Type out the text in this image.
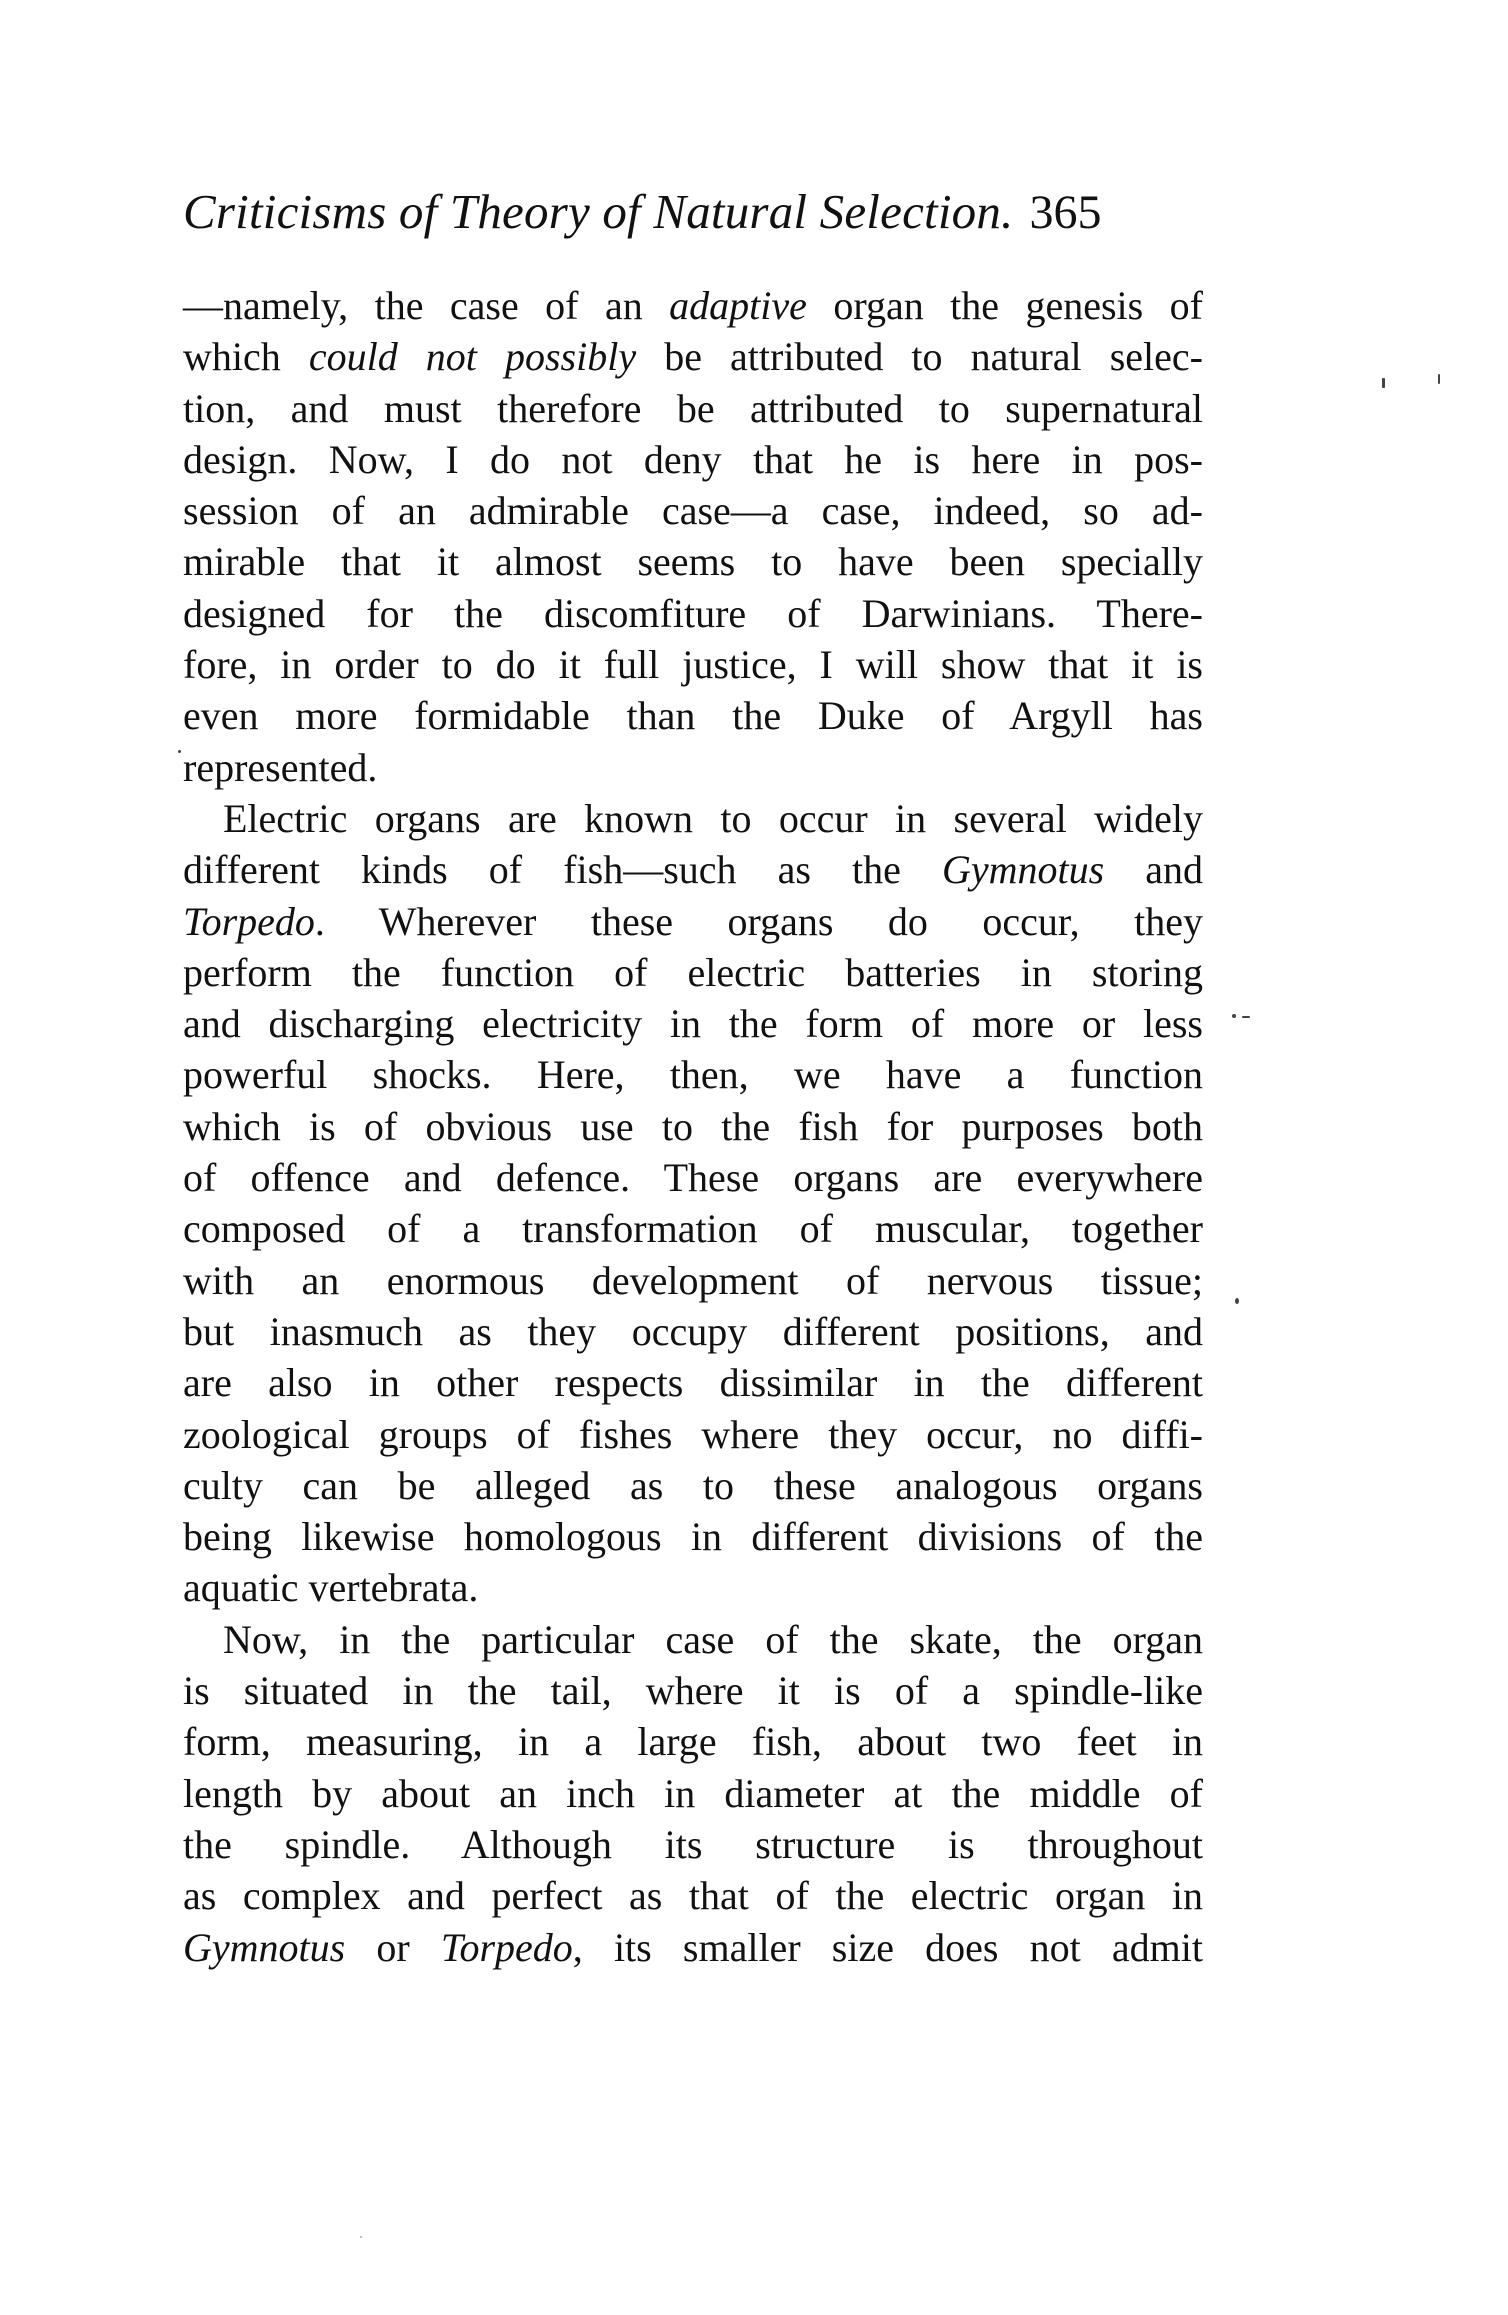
Criticisms of Theory of Natural Selection. 365
—namely, the case of an adaptive organ the genesis of
which could not possibly be attributed to natural selec-
tion, and must therefore be attributed to supernatural
design. Now, I do not deny that he is here in pos-
session of an admirable case—a case, indeed, so ad-
mirable that it almost seems to have been specially
designed for the discomfiture of Darwinians. There-
fore, in order to do it full justice, I will show that it is
even more formidable than the Duke of Argyll has
represented.
Electric organs are known to occur in several widely
different kinds of fish—such as the Gymnotus and
Torpedo. Wherever these organs do occur, they
perform the function of electric batteries in storing
and discharging electricity in the form of more or less
powerful shocks. Here, then, we have a function
which is of obvious use to the fish for purposes both
of offence and defence. These organs are everywhere
composed of a transformation of muscular, together
with an enormous development of nervous tissue;
but inasmuch as they occupy different positions, and
are also in other respects dissimilar in the different
zoological groups of fishes where they occur, no diffi-
culty can be alleged as to these analogous organs
being likewise homologous in different divisions of the
aquatic vertebrata.
Now, in the particular case of the skate, the organ
is situated in the tail, where it is of a spindle-like
form, measuring, in a large fish, about two feet in
length by about an inch in diameter at the middle of
the spindle. Although its structure is throughout
as complex and perfect as that of the electric organ in
Gymnotus or Torpedo, its smaller size does not admit
